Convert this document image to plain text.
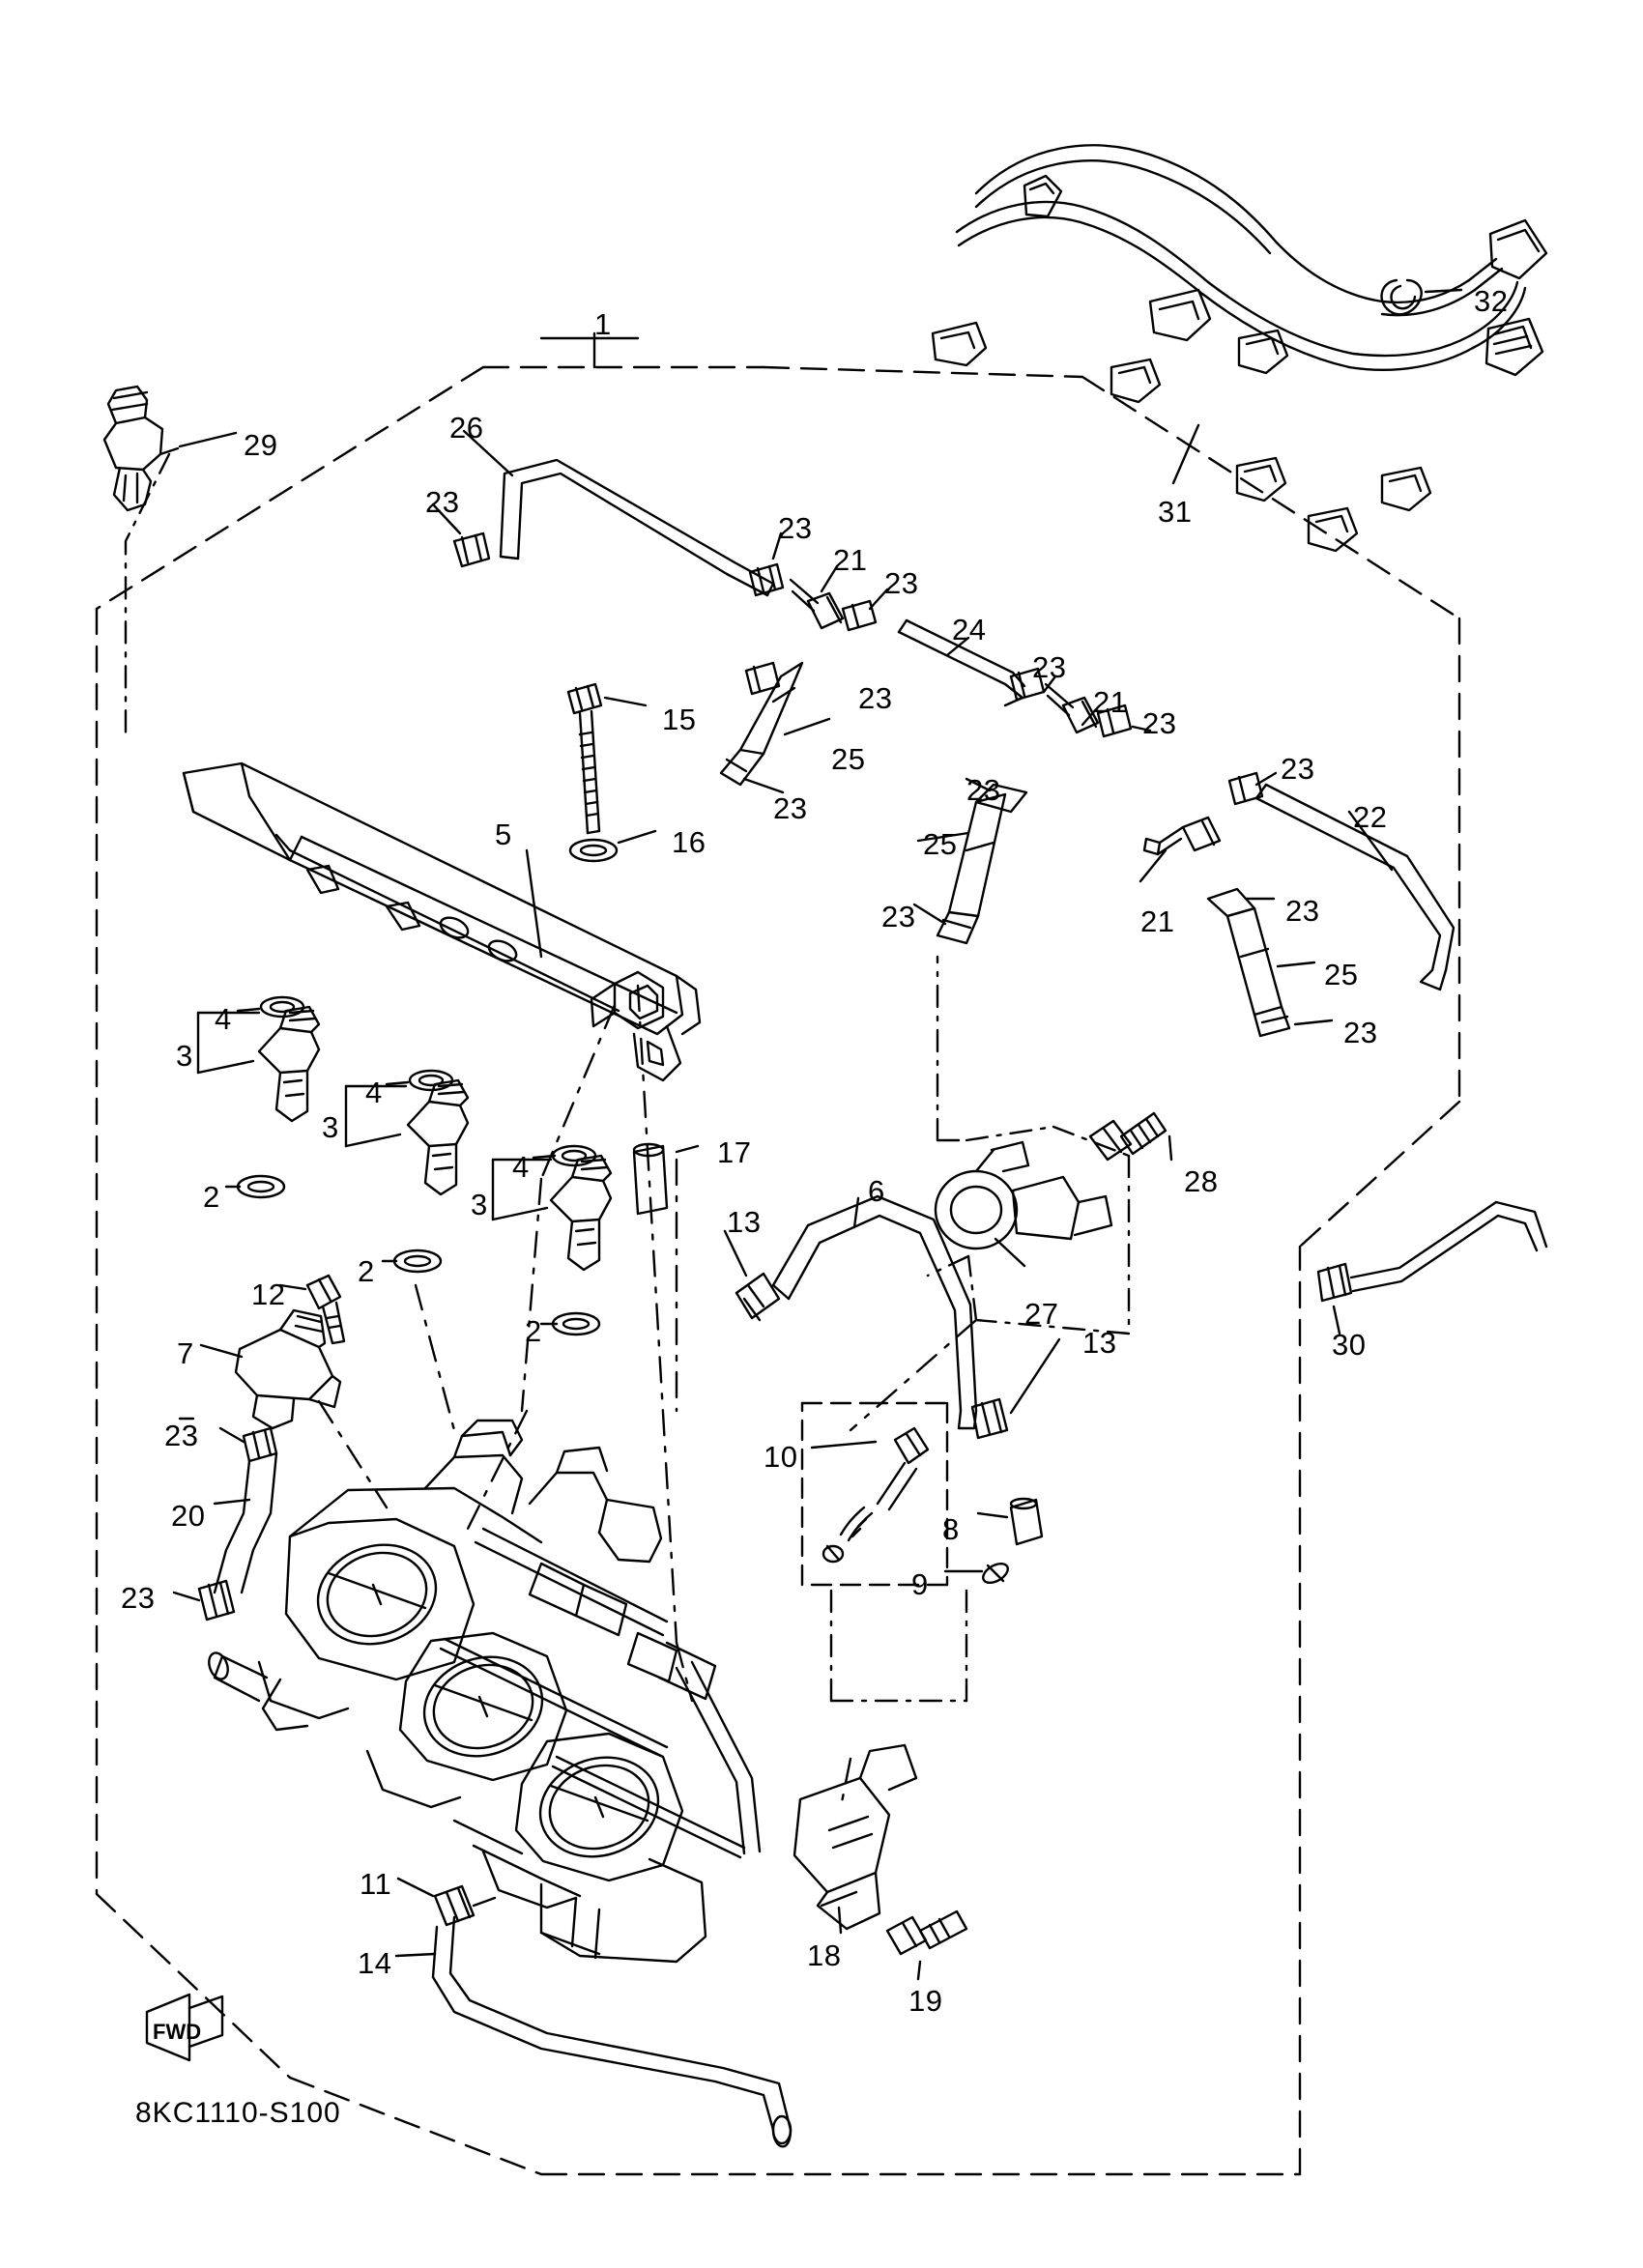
1
29
26
23
32
31
23
21
23
24
23
15
23
25
21
23
23
22
5	16
23
23
25
23	21	23
25
23
4
3
4
3
2
4
3
17
6	28
2
13
27
12
2
7	13	30
23
20
10
8
9
23
11
14	18
19
FWD
8KC1110-S100
